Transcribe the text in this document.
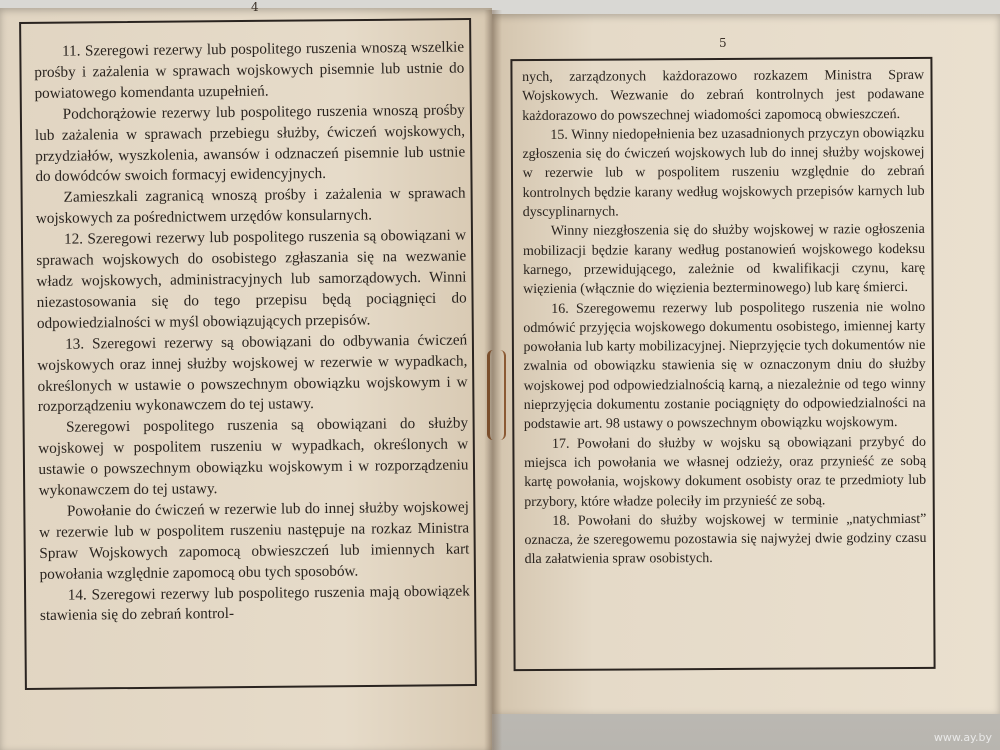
4
5

11. Szeregowi rezerwy lub pospolitego ruszenia wnoszą wszelkie prośby i zażalenia w sprawach wojskowych pisemnie lub ustnie do powiatowego komendanta uzupełnień.

Podchorążowie rezerwy lub pospolitego ruszenia wnoszą prośby lub zażalenia w sprawach przebiegu służby, ćwiczeń wojskowych, przydziałów, wyszkolenia, awansów i odznaczeń pisemnie lub ustnie do dowódców swoich formacyj ewidencyjnych.

Zamieszkali zagranicą wnoszą prośby i zażalenia w sprawach wojskowych za pośrednictwem urzędów konsularnych.

12. Szeregowi rezerwy lub pospolitego ruszenia są obowiązani w sprawach wojskowych do osobistego zgłaszania się na wezwanie władz wojskowych, administracyjnych lub samorządowych. Winni niezastosowania się do tego przepisu będą pociągnięci do odpowiedzialności w myśl obowiązujących przepisów.

13. Szeregowi rezerwy są obowiązani do odbywania ćwiczeń wojskowych oraz innej służby wojskowej w rezerwie w wypadkach, określonych w ustawie o powszechnym obowiązku wojskowym i w rozporządzeniu wykonawczem do tej ustawy.

Szeregowi pospolitego ruszenia są obowiązani do służby wojskowej w pospolitem ruszeniu w wypadkach, określonych w ustawie o powszechnym obowiązku wojskowym i w rozporządzeniu wykonawczem do tej ustawy.

Powołanie do ćwiczeń w rezerwie lub do innej służby wojskowej w rezerwie lub w pospolitem ruszeniu następuje na rozkaz Ministra Spraw Wojskowych zapomocą obwieszczeń lub imiennych kart powołania względnie zapomocą obu tych sposobów.

14. Szeregowi rezerwy lub pospolitego ruszenia mają obowiązek stawienia się do zebrań kontrol-

nych, zarządzonych każdorazowo rozkazem Ministra Spraw Wojskowych. Wezwanie do zebrań kontrolnych jest podawane każdorazowo do powszechnej wiadomości zapomocą obwieszczeń.

15. Winny niedopełnienia bez uzasadnionych przyczyn obowiązku zgłoszenia się do ćwiczeń wojskowych lub do innej służby wojskowej w rezerwie lub w pospolitem ruszeniu względnie do zebrań kontrolnych będzie karany według wojskowych przepisów karnych lub dyscyplinarnych.

Winny niezgłoszenia się do służby wojskowej w razie ogłoszenia mobilizacji będzie karany według postanowień wojskowego kodeksu karnego, przewidującego, zależnie od kwalifikacji czynu, karę więzienia (włącznie do więzienia bezterminowego) lub karę śmierci.

16. Szeregowemu rezerwy lub pospolitego ruszenia nie wolno odmówić przyjęcia wojskowego dokumentu osobistego, imiennej karty powołania lub karty mobilizacyjnej. Nieprzyjęcie tych dokumentów nie zwalnia od obowiązku stawienia się w oznaczonym dniu do służby wojskowej pod odpowiedzialnością karną, a niezależnie od tego winny nieprzyjęcia dokumentu zostanie pociągnięty do odpowiedzialności na podstawie art. 98 ustawy o powszechnym obowiązku wojskowym.

17. Powołani do służby w wojsku są obowiązani przybyć do miejsca ich powołania we własnej odzieży, oraz przynieść ze sobą kartę powołania, wojskowy dokument osobisty oraz te przedmioty lub przybory, które władze poleciły im przynieść ze sobą.

18. Powołani do służby wojskowej w terminie „natychmiast” oznacza, że szeregowemu pozostawia się najwyżej dwie godziny czasu dla załatwienia spraw osobistych.

www.ay.by
